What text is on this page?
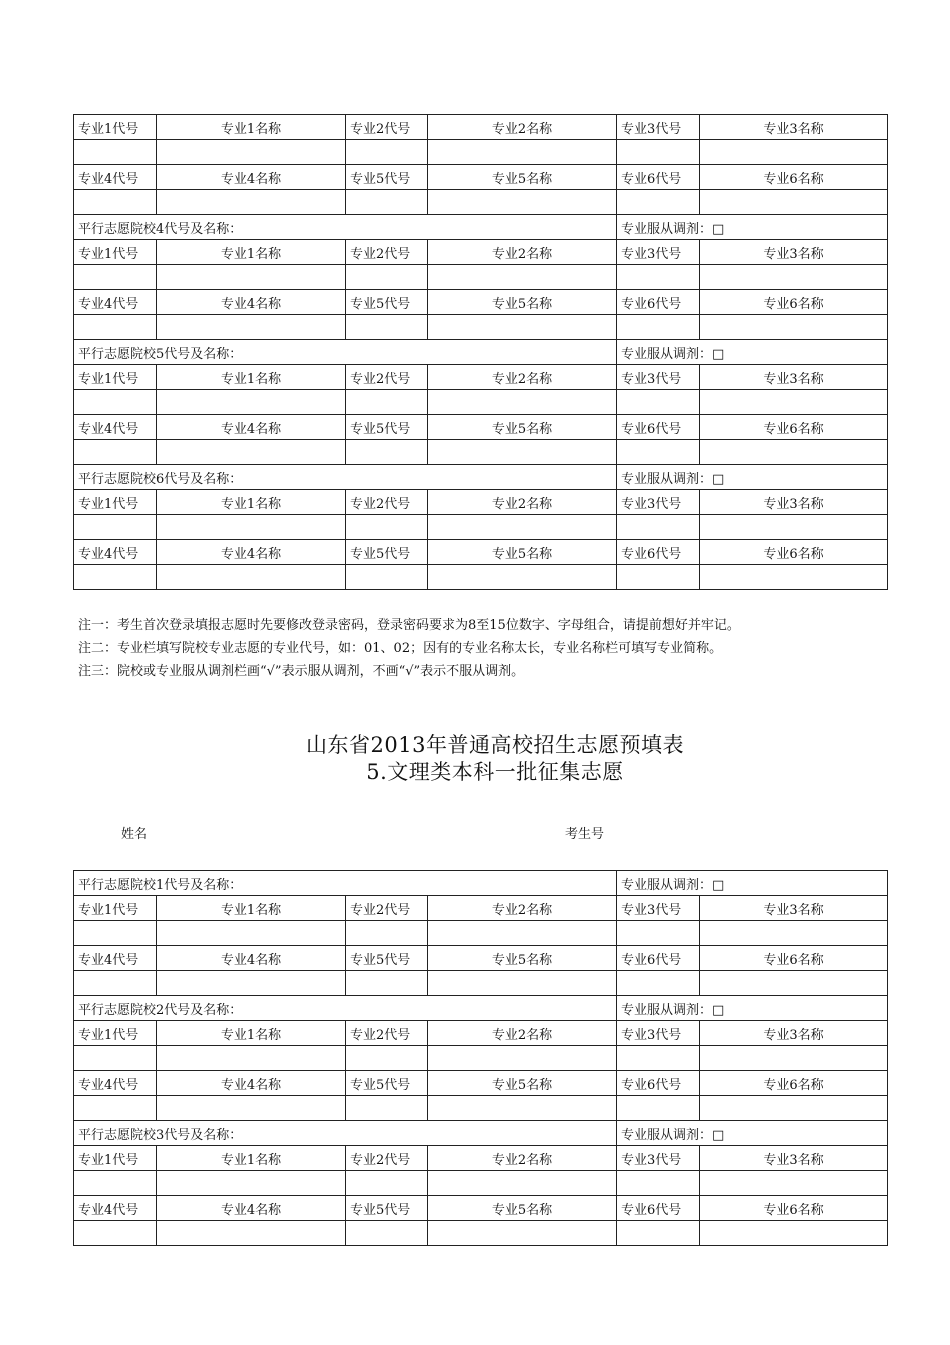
专业1代号	专业1名称	专业2代号	专业2名称	专业3代号	专业3名称

专业4代号	专业4名称	专业5代号	专业5名称	专业6代号	专业6名称

平行志愿院校4代号及名称：				专业服从调剂：□	
专业1代号	专业1名称	专业2代号	专业2名称	专业3代号	专业3名称

专业4代号	专业4名称	专业5代号	专业5名称	专业6代号	专业6名称

平行志愿院校5代号及名称：				专业服从调剂：□	
专业1代号	专业1名称	专业2代号	专业2名称	专业3代号	专业3名称

专业4代号	专业4名称	专业5代号	专业5名称	专业6代号	专业6名称

平行志愿院校6代号及名称：				专业服从调剂：□	
专业1代号	专业1名称	专业2代号	专业2名称	专业3代号	专业3名称

专业4代号	专业4名称	专业5代号	专业5名称	专业6代号	专业6名称

注一：考生首次登录填报志愿时先要修改登录密码，登录密码要求为8至15位数字、字母组合，请提前想好并牢记。
注二：专业栏填写院校专业志愿的专业代号，如：01、02；因有的专业名称太长，专业名称栏可填写专业简称。
注三：院校或专业服从调剂栏画“√”表示服从调剂，不画“√”表示不服从调剂。
山东省2013年普通高校招生志愿预填表
5.文理类本科一批征集志愿
姓名	考生号
平行志愿院校1代号及名称：				专业服从调剂：□	
专业1代号	专业1名称	专业2代号	专业2名称	专业3代号	专业3名称

专业4代号	专业4名称	专业5代号	专业5名称	专业6代号	专业6名称

平行志愿院校2代号及名称：				专业服从调剂：□	
专业1代号	专业1名称	专业2代号	专业2名称	专业3代号	专业3名称

专业4代号	专业4名称	专业5代号	专业5名称	专业6代号	专业6名称

平行志愿院校3代号及名称：				专业服从调剂：□	
专业1代号	专业1名称	专业2代号	专业2名称	专业3代号	专业3名称

专业4代号	专业4名称	专业5代号	专业5名称	专业6代号	专业6名称
